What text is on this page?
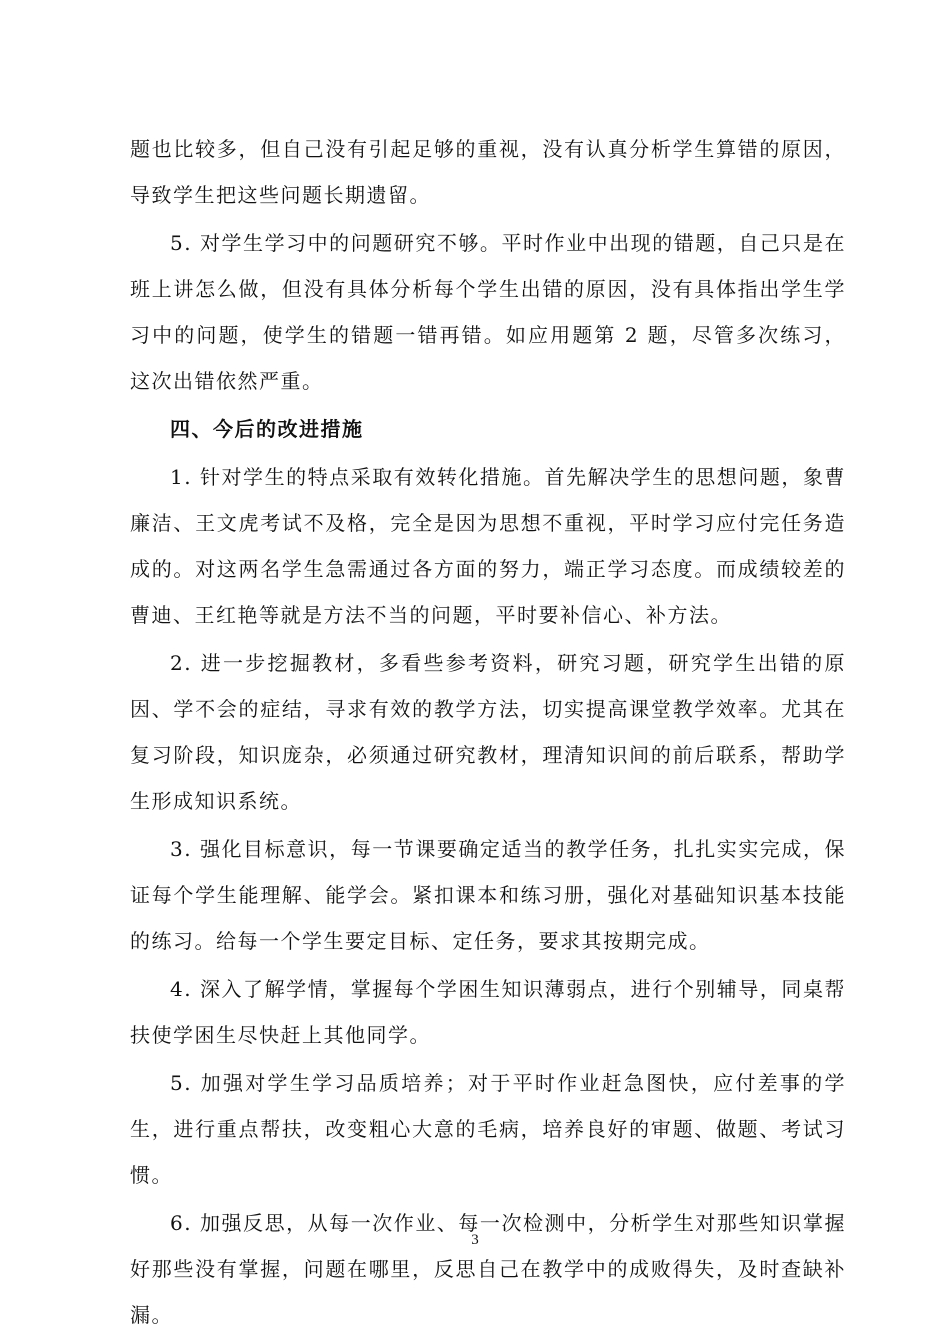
题也比较多，但自己没有引起足够的重视，没有认真分析学生算错的原因，导致学生把这些问题长期遗留。

5. 对学生学习中的问题研究不够。平时作业中出现的错题，自己只是在班上讲怎么做，但没有具体分析每个学生出错的原因，没有具体指出学生学习中的问题，使学生的错题一错再错。如应用题第 2 题，尽管多次练习，这次出错依然严重。

四、今后的改进措施

1. 针对学生的特点采取有效转化措施。首先解决学生的思想问题，象曹廉洁、王文虎考试不及格，完全是因为思想不重视，平时学习应付完任务造成的。对这两名学生急需通过各方面的努力，端正学习态度。而成绩较差的曹迪、王红艳等就是方法不当的问题，平时要补信心、补方法。

2. 进一步挖掘教材，多看些参考资料，研究习题，研究学生出错的原因、学不会的症结，寻求有效的教学方法，切实提高课堂教学效率。尤其在复习阶段，知识庞杂，必须通过研究教材，理清知识间的前后联系，帮助学生形成知识系统。

3. 强化目标意识，每一节课要确定适当的教学任务，扎扎实实完成，保证每个学生能理解、能学会。紧扣课本和练习册，强化对基础知识基本技能的练习。给每一个学生要定目标、定任务，要求其按期完成。

4. 深入了解学情，掌握每个学困生知识薄弱点，进行个别辅导，同桌帮扶使学困生尽快赶上其他同学。

5. 加强对学生学习品质培养；对于平时作业赶急图快，应付差事的学生，进行重点帮扶，改变粗心大意的毛病，培养良好的审题、做题、考试习惯。

6. 加强反思，从每一次作业、每一次检测中，分析学生对那些知识掌握好那些没有掌握，问题在哪里，反思自己在教学中的成败得失，及时查缺补漏。

3
